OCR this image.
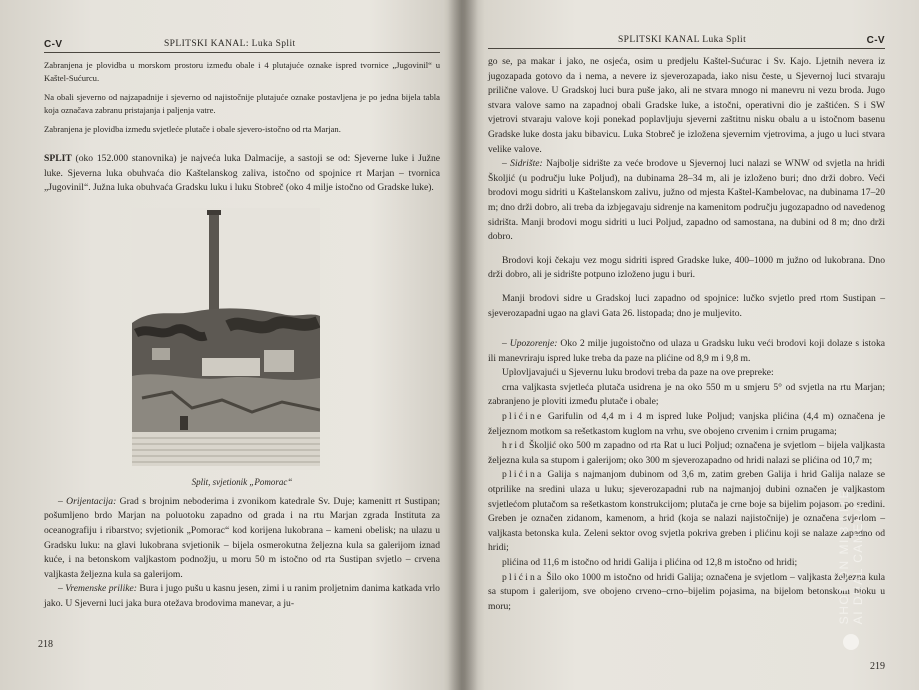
C-V	SPLITSKI KANAL: Luka Split

Zabranjena je plovidba u morskom prostoru između obale i 4 plutajuće oznake ispred tvornice „Jugovinil“ u Kaštel-Sućurcu.

Na obali sjeverno od najzapadnije i sjeverno od najistočnije plutajuće oznake postavljena je po jedna bijela tabla koja označava zabranu pristajanja i paljenja vatre.

Zabranjena je plovidba između svjetleće plutače i obale sjevero-istočno od rta Marjan.

SPLIT (oko 152.000 stanovnika) je najveća luka Dalmacije, a sastoji se od: Sjeverne luke i Južne luke. Sjeverna luka obuhvaća dio Kaštelanskog zaliva, istočno od spojnice rt Marjan – tvornica „Jugovinil“. Južna luka obuhvaća Gradsku luku i luku Stobreč (oko 4 milje istočno od Gradske luke).

Split, svjetionik „Pomorac“

– Orijentacija: Grad s brojnim neboderima i zvonikom katedrale Sv. Duje; kamenitt rt Sustipan; pošumljeno brdo Marjan na poluotoku zapadno od grada i na rtu Marjan zgrada Instituta za oceanografiju i ribarstvo; svjetionik „Pomorac“ kod korijena lukobrana – kameni obelisk; na ulazu u Gradsku luku: na glavi lukobrana svjetionik – bijela osmerokutna željezna kula sa galerijom iznad kuće, i na betonskom valjkastom podnožju, u moru 50 m istočno od rta Sustipan svjetlo – crvena valjkasta željezna kula sa galerijom.

– Vremenske prilike: Bura i jugo pušu u kasnu jesen, zimi i u ranim proljetnim danima katkada vrlo jako. U Sjeverni luci jaka bura otežava brodovima manevar, a ju-

218
SPLITSKI KANAL Luka Split	C-V

go se, pa makar i jako, ne osjeća, osim u predjelu Kaštel-Sućurac i Sv. Kajo. Ljetnih nevera iz jugozapada gotovo da i nema, a nevere iz sjeverozapada, iako nisu česte, u Sjevernoj luci stvaraju prilične valove. U Gradskoj luci bura puše jako, ali ne stvara mnogo ni manevru ni vezu broda. Jugo stvara valove samo na zapadnoj obali Gradske luke, a istočni, operativni dio je zaštićen. S i SW vjetrovi stvaraju valove koji ponekad poplavljuju sjeverni zaštitnu nisku obalu a u istočnom basenu Gradske luke dosta jaku bibavicu. Luka Stobreč je izložena sjevernim vjetrovima, a jugo u luci stvara velike valove.

– Sidrište: Najbolje sidrište za veće brodove u Sjevernoj luci nalazi se WNW od svjetla na hridi Školjić (u području luke Poljud), na dubinama 28–34 m, ali je izloženo buri; dno drži dobro. Veći brodovi mogu sidriti u Kaštelanskom zalivu, južno od mjesta Kaštel-Kambelovac, na dubinama 17–20 m; dno drži dobro, ali treba da izbjegavaju sidrenje na kamenitom području jugozapadno od navedenog sidrišta. Manji brodovi mogu sidriti u luci Poljud, zapadno od samostana, na dubini od 8 m; dno drži dobro.

Brodovi koji čekaju vez mogu sidriti ispred Gradske luke, 400–1000 m južno od lukobrana. Dno drži dobro, ali je sidrište potpuno izloženo jugu i buri.

Manji brodovi sidre u Gradskoj luci zapadno od spojnice: lučko svjetlo pred rtom Sustipan – sjeverozapadni ugao na glavi Gata 26. listopada; dno je muljevito.

– Upozorenje: Oko 2 milje jugoistočno od ulaza u Gradsku luku veći brodovi koji dolaze s istoka ili manevriraju ispred luke treba da paze na plićine od 8,9 m i 9,8 m.

Uplovljavajući u Sjevernu luku brodovi treba da paze na ove prepreke:

crna valjkasta svjetleća plutača usidrena je na oko 550 m u smjeru 5° od svjetla na rtu Marjan; zabranjeno je ploviti između plutače i obale;

plićine Garifulin od 4,4 m i 4 m ispred luke Poljud; vanjska plićina (4,4 m) označena je željeznom motkom sa rešetkastom kuglom na vrhu, sve obojeno crvenim i crnim prugama;

hrid Školjić oko 500 m zapadno od rta Rat u luci Poljud; označena je svjetlom – bijela valjkasta željezna kula sa stupom i galerijom; oko 300 m sjeverozapadno od hridi nalazi se plićina od 10,7 m;

plićina Galija s najmanjom dubinom od 3,6 m, zatim greben Galija i hrid Galija nalaze se otprilike na sredini ulaza u luku; sjeverozapadni rub na najmanjoj dubini označen je valjkastom svjetlećom plutačom sa rešetkastom konstrukcijom; plutača je crne boje sa bijelim pojasom po sredini. Greben je označen zidanom, kamenom, a hrid (koja se nalazi najistočnije) je označena svjetlom – valjkasta betonska kula. Zeleni sektor ovog svjetla pokriva greben i plićinu koji se nalaze zapadno od hridi;

plićina od 11,6 m istočno od hridi Galija i plićina od 12,8 m istočno od hridi;

plićina Šilo oko 1000 m istočno od hridi Galija; označena je svjetlom – valjkasta željezna kula sa stupom i galerijom, sve obojeno crveno–crno–bijelim pojasima, na bijelom betonskom bloku u moru;

219
SHOT ON MI 8 LITE
AI DUAL CAMERA
